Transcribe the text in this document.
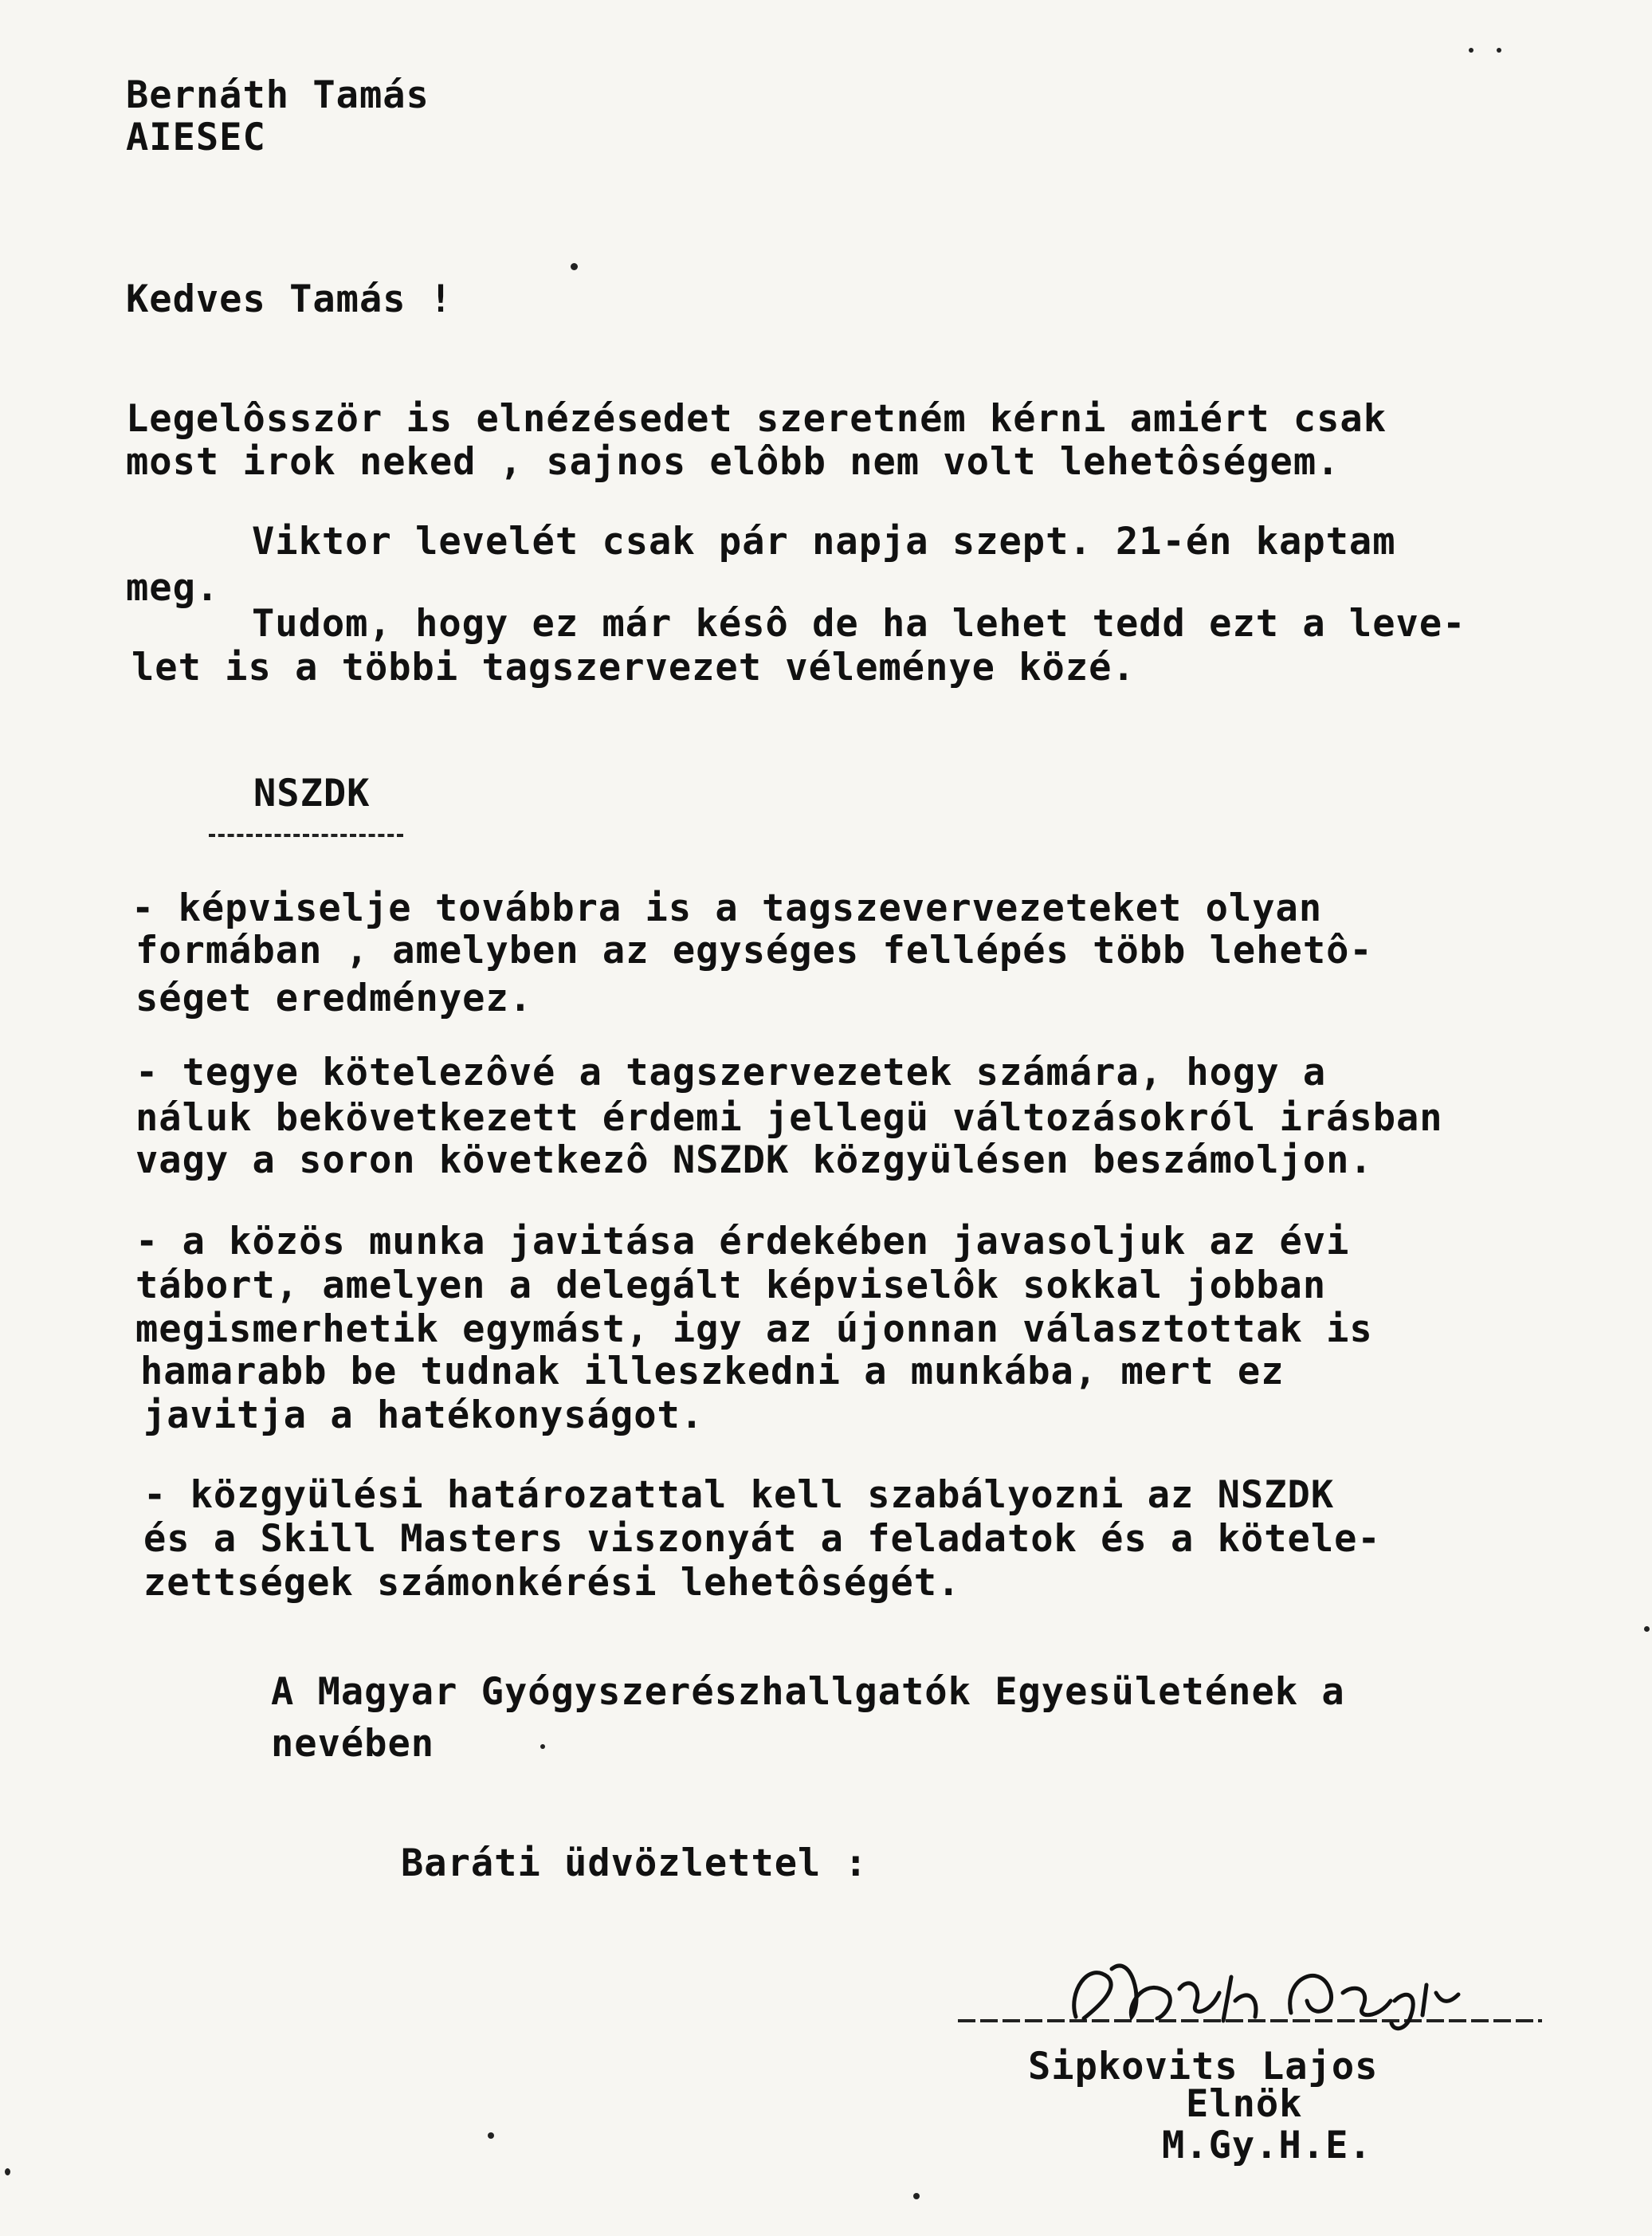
Bernáth Tamás
AIESEC
Kedves Tamás !
Legelôsször is elnézésedet szeretném kérni amiért csak
most irok neked , sajnos elôbb nem volt lehetôségem.
Viktor levelét csak pár napja szept. 21-én kaptam
meg.
Tudom, hogy ez már késô de ha lehet tedd ezt a leve-
let is a többi tagszervezet véleménye közé.
NSZDK
- képviselje továbbra is a tagszevervezeteket olyan
formában , amelyben az egységes fellépés több lehetô-
séget eredményez.
- tegye kötelezôvé a tagszervezetek számára, hogy a
náluk bekövetkezett érdemi jellegü változásokról irásban
vagy a soron következô NSZDK közgyülésen beszámoljon.
- a közös munka javitása érdekében javasoljuk az évi
tábort, amelyen a delegált képviselôk sokkal jobban
megismerhetik egymást, igy az újonnan választottak is
hamarabb be tudnak illeszkedni a munkába, mert ez
javitja a hatékonyságot.
- közgyülési határozattal kell szabályozni az NSZDK
és a Skill Masters viszonyát a feladatok és a kötele-
zettségek számonkérési lehetôségét.
A Magyar Gyógyszerészhallgatók Egyesületének a
nevében
Baráti üdvözlettel :
Sipkovits Lajos
Elnök
M.Gy.H.E.
